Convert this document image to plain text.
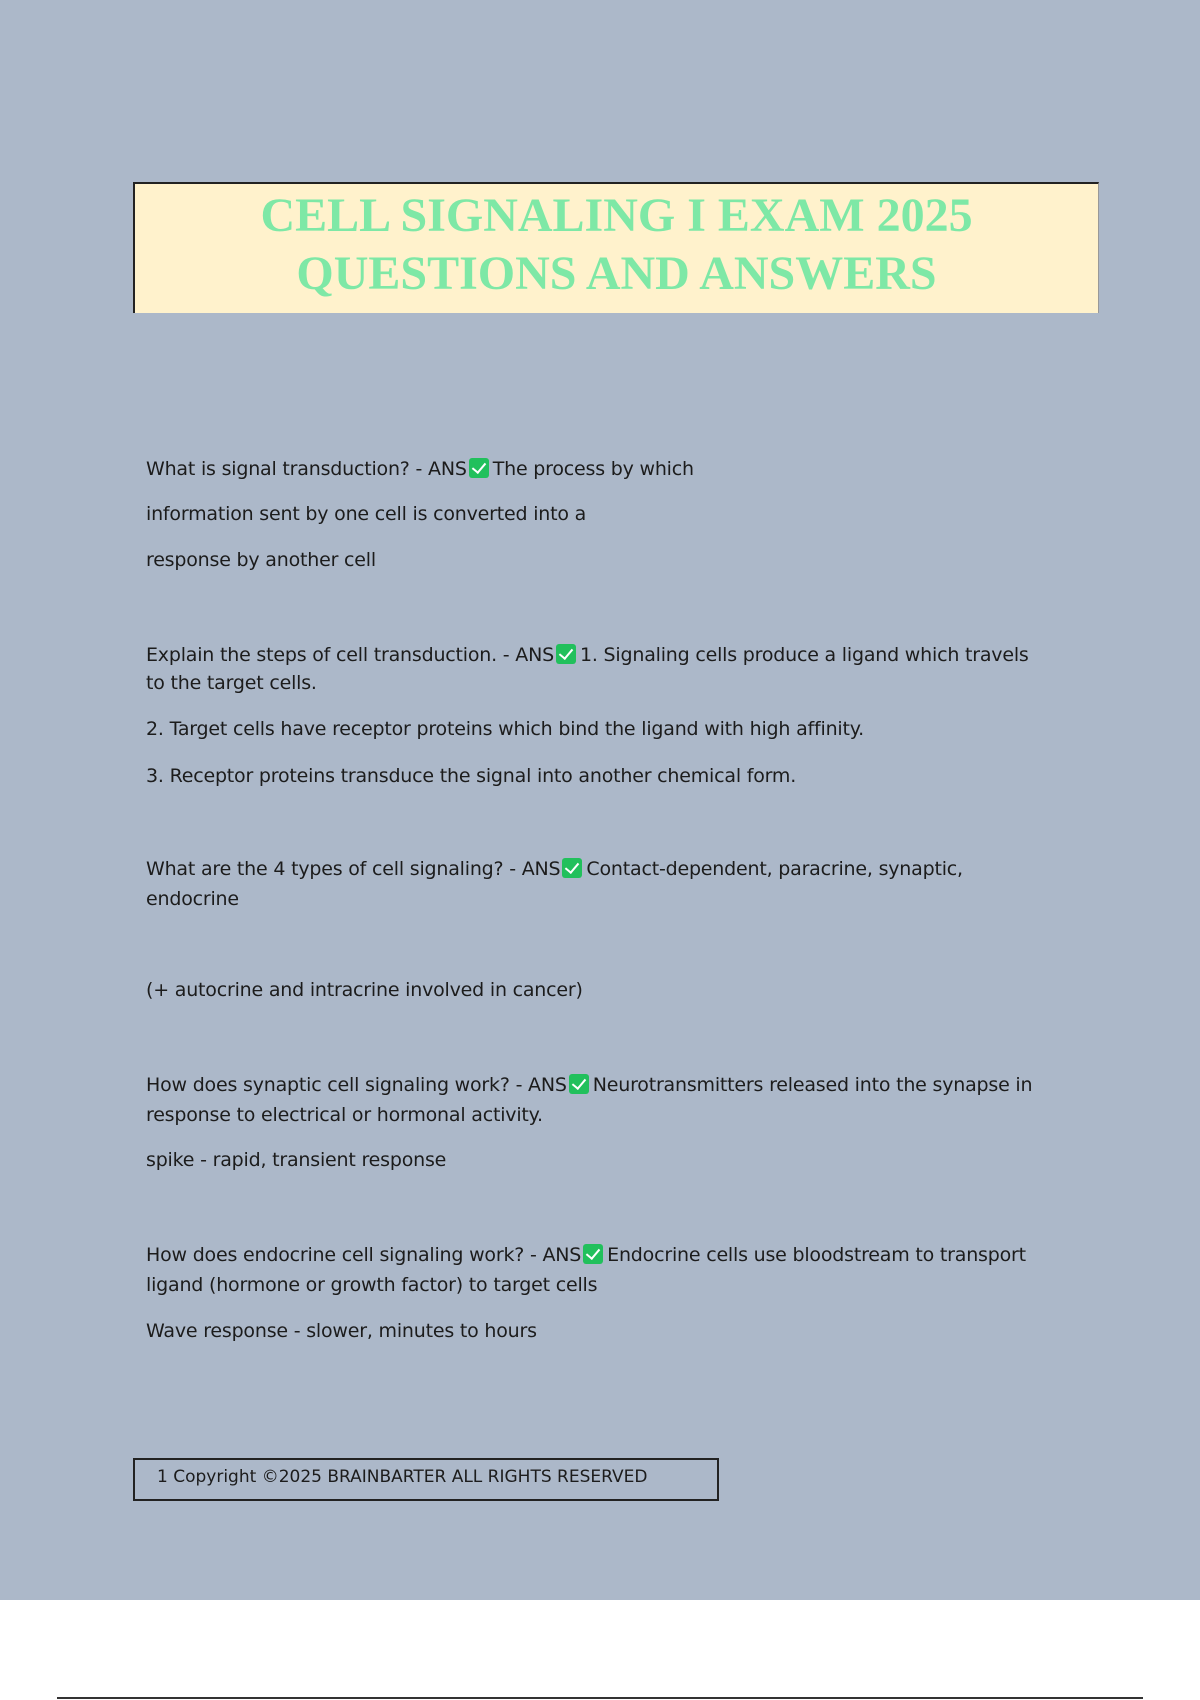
CELL SIGNALING I EXAM 2025
QUESTIONS AND ANSWERS
What is signal transduction? - ANS The process by which
information sent by one cell is converted into a
response by another cell
Explain the steps of cell transduction. - ANS 1. Signaling cells produce a ligand which travels
to the target cells.
2. Target cells have receptor proteins which bind the ligand with high affinity.
3. Receptor proteins transduce the signal into another chemical form.
What are the 4 types of cell signaling? - ANS Contact-dependent, paracrine, synaptic,
endocrine
(+ autocrine and intracrine involved in cancer)
How does synaptic cell signaling work? - ANS Neurotransmitters released into the synapse in
response to electrical or hormonal activity.
spike - rapid, transient response
How does endocrine cell signaling work? - ANS Endocrine cells use bloodstream to transport
ligand (hormone or growth factor) to target cells
Wave response - slower, minutes to hours
1 Copyright ©2025 BRAINBARTER ALL RIGHTS RESERVED
